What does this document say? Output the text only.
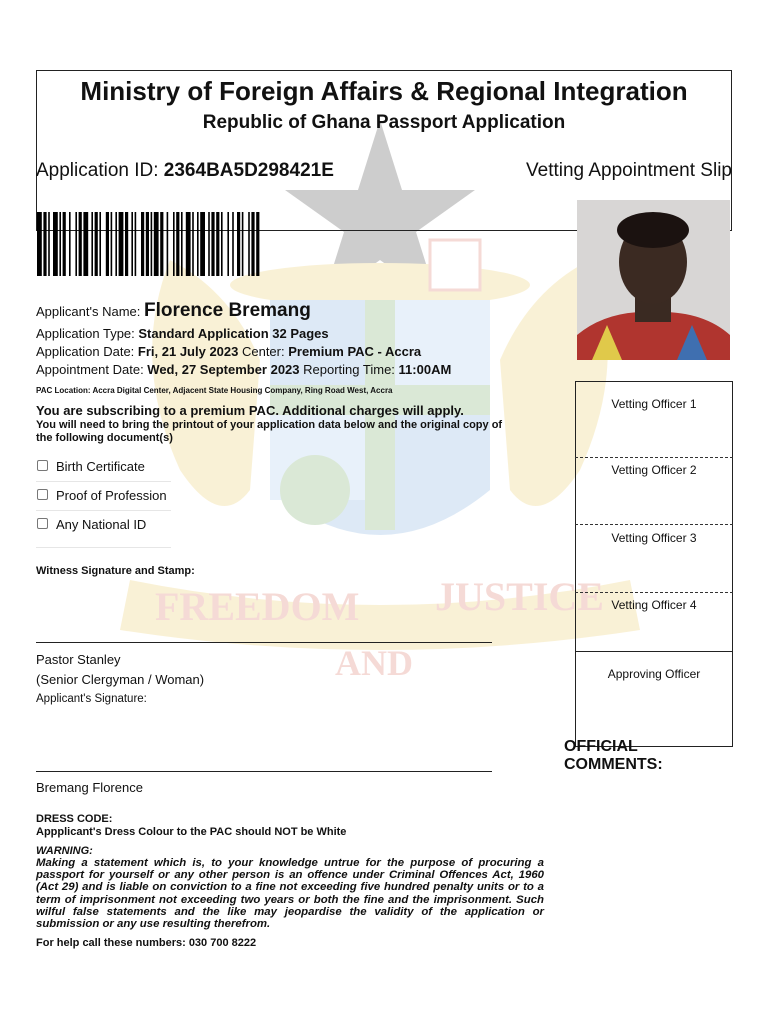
FREEDOM JUSTICE
AND
Ministry of Foreign Affairs & Regional Integration
Republic of Ghana Passport Application
Application ID: 2364BA5D298421E	Vetting Appointment Slip
Applicant's Name: Florence Bremang
Application Type: Standard Application 32 Pages
Application Date: Fri, 21 July 2023 Center: Premium PAC - Accra
Appointment Date: Wed, 27 September 2023 Reporting Time: 11:00AM
PAC Location: Accra Digital Center, Adjacent State Housing Company, Ring Road West, Accra
You are subscribing to a premium PAC. Additional charges will apply.
You will need to bring the printout of your application data below and the original copy of
the following document(s)
Birth Certificate
Proof of Profession
Any National ID
Witness Signature and Stamp:
Pastor Stanley
(Senior Clergyman / Woman)
Applicant's Signature:
Bremang Florence
Vetting Officer 1
Vetting Officer 2
Vetting Officer 3
Vetting Officer 4
Approving Officer
OFFICIAL
COMMENTS:
DRESS CODE:
Appplicant's Dress Colour to the PAC should NOT be White
WARNING:
Making a statement which is, to your knowledge untrue for the purpose of procuring a passport for yourself or any other person is an offence under Criminal Offences Act, 1960 (Act 29) and is liable on conviction to a fine not exceeding five hundred penalty units or to a term of imprisonment not exceeding two years or both the fine and the imprisonment. Such wilful false statements and the like may jeopardise the validity of the application or submission or any use resulting therefrom.
For help call these numbers: 030 700 8222
